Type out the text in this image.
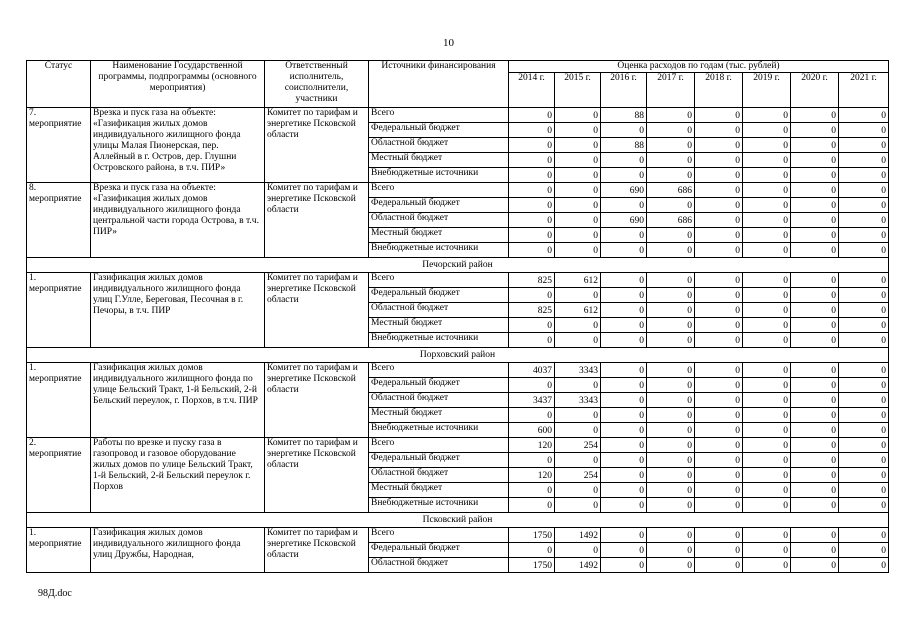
10
Статус	Наименование Государственной программы, подпрограммы (основного мероприятия)	Ответственный исполнитель, соисполнители, участники	Источники финансирования	Оценка расходов по годам (тыс. рублей)							
				2014 г.	2015 г.	2016 г.	2017 г.	2018 г.	2019 г.	2020 г.	2021 г.
7.
мероприятие	Врезка и пуск газа на объекте: «Газификация жилых домов индивидуального жилищного фонда улицы Малая Пионерская, пер. Аллейный в г. Остров, дер. Глушни Островского района, в т.ч. ПИР»	Комитет по тарифам и энергетике Псковской области	Всего	0	0	88	0	0	0	0	0
			Федеральный бюджет	0	0	0	0	0	0	0	0
			Областной бюджет	0	0	88	0	0	0	0	0
			Местный бюджет	0	0	0	0	0	0	0	0
			Внебюджетные источники	0	0	0	0	0	0	0	0
8.
мероприятие	Врезка и пуск газа на объекте: «Газификация жилых домов индивидуального жилищного фонда центральной части города Острова, в т.ч. ПИР»	Комитет по тарифам и энергетике Псковской области	Всего	0	0	690	686	0	0	0	0
			Федеральный бюджет	0	0	0	0	0	0	0	0
			Областной бюджет	0	0	690	686	0	0	0	0
			Местный бюджет	0	0	0	0	0	0	0	0
			Внебюджетные источники	0	0	0	0	0	0	0	0
Печорский район											
1.
мероприятие	Газификация жилых домов индивидуального жилищного фонда улиц Г.Улле, Береговая, Песочная в г. Печоры, в т.ч. ПИР	Комитет по тарифам и энергетике Псковской области	Всего	825	612	0	0	0	0	0	0
			Федеральный бюджет	0	0	0	0	0	0	0	0
			Областной бюджет	825	612	0	0	0	0	0	0
			Местный бюджет	0	0	0	0	0	0	0	0
			Внебюджетные источники	0	0	0	0	0	0	0	0
Порховский район											
1.
мероприятие	Газификация жилых домов индивидуального жилищного фонда по улице Бельский Тракт, 1-й Бельский, 2-й Бельский переулок, г. Порхов, в т.ч. ПИР	Комитет по тарифам и энергетике Псковской области	Всего	4037	3343	0	0	0	0	0	0
			Федеральный бюджет	0	0	0	0	0	0	0	0
			Областной бюджет	3437	3343	0	0	0	0	0	0
			Местный бюджет	0	0	0	0	0	0	0	0
			Внебюджетные источники	600	0	0	0	0	0	0	0
2.
мероприятие	Работы по врезке и пуску газа в газопровод и газовое оборудование жилых домов по улице Бельский Тракт, 1-й Бельский, 2-й Бельский переулок г. Порхов	Комитет по тарифам и энергетике Псковской области	Всего	120	254	0	0	0	0	0	0
			Федеральный бюджет	0	0	0	0	0	0	0	0
			Областной бюджет	120	254	0	0	0	0	0	0
			Местный бюджет	0	0	0	0	0	0	0	0
			Внебюджетные источники	0	0	0	0	0	0	0	0
Псковский район											
1.
мероприятие	Газификация жилых домов индивидуального жилищного фонда улиц Дружбы, Народная,	Комитет по тарифам и энергетике Псковской области	Всего	1750	1492	0	0	0	0	0	0
			Федеральный бюджет	0	0	0	0	0	0	0	0
			Областной бюджет	1750	1492	0	0	0	0	0	0
98Д.doc
